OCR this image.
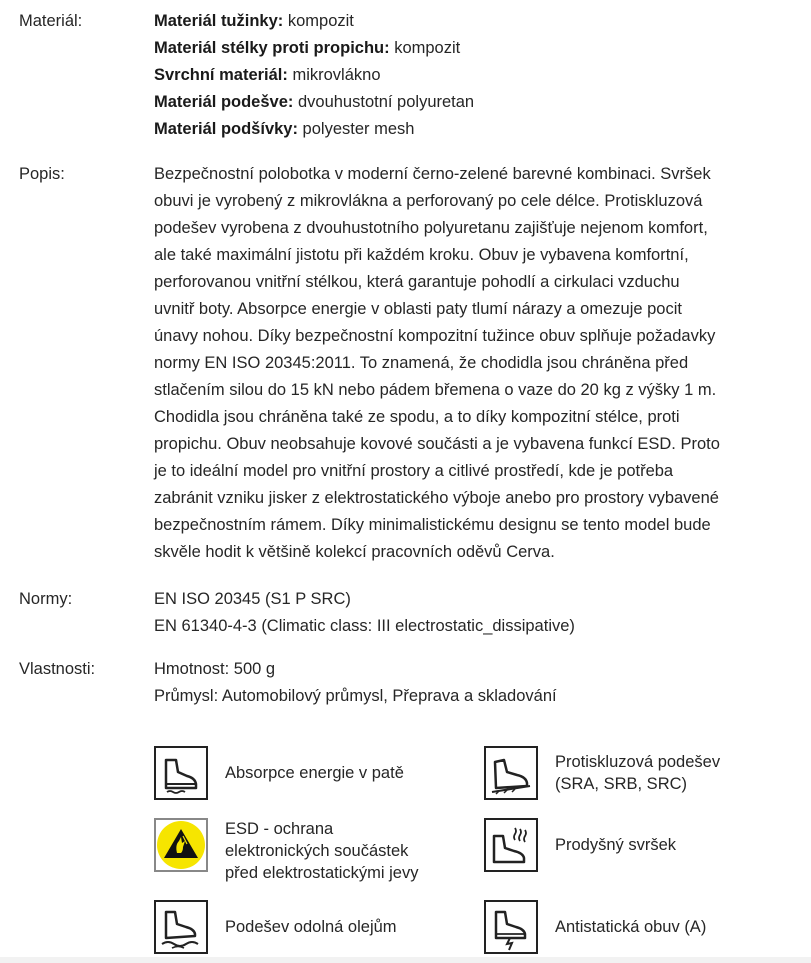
Materiál:	Materiál tužinky: kompozit
Materiál stélky proti propichu: kompozit
Svrchní materiál: mikrovlákno
Materiál podešve: dvouhustotní polyuretan
Materiál podšívky: polyester mesh
Popis:	Bezpečnostní polobotka v moderní černo-zelené barevné kombinaci. Svršek
obuvi je vyrobený z mikrovlákna a perforovaný po cele délce. Protiskluzová
podešev vyrobena z dvouhustotního polyuretanu zajišťuje nejenom komfort,
ale také maximální jistotu při každém kroku. Obuv je vybavena komfortní,
perforovanou vnitřní stélkou, která garantuje pohodlí a cirkulaci vzduchu
uvnitř boty. Absorpce energie v oblasti paty tlumí nárazy a omezuje pocit
únavy nohou. Díky bezpečnostní kompozitní tužince obuv splňuje požadavky
normy EN ISO 20345:2011. To znamená, že chodidla jsou chráněna před
stlačením silou do 15 kN nebo pádem břemena o vaze do 20 kg z výšky 1 m.
Chodidla jsou chráněna také ze spodu, a to díky kompozitní stélce, proti
propichu. Obuv neobsahuje kovové součásti a je vybavena funkcí ESD. Proto
je to ideální model pro vnitřní prostory a citlivé prostředí, kde je potřeba
zabránit vzniku jisker z elektrostatického výboje anebo pro prostory vybavené
bezpečnostním rámem. Díky minimalistickému designu se tento model bude
skvěle hodit k většině kolekcí pracovních oděvů Cerva.
Normy:	EN ISO 20345 (S1 P SRC)
EN 61340-4-3 (Climatic class: III electrostatic_dissipative)
Vlastnosti:	Hmotnost: 500 g
Průmysl: Automobilový průmysl, Přeprava a skladování
Absorpce energie v patě
Protiskluzová podešev
(SRA, SRB, SRC)
ESD - ochrana
elektronických součástek
před elektrostatickými jevy
Prodyšný svršek
Podešev odolná olejům	Antistatická obuv (A)
